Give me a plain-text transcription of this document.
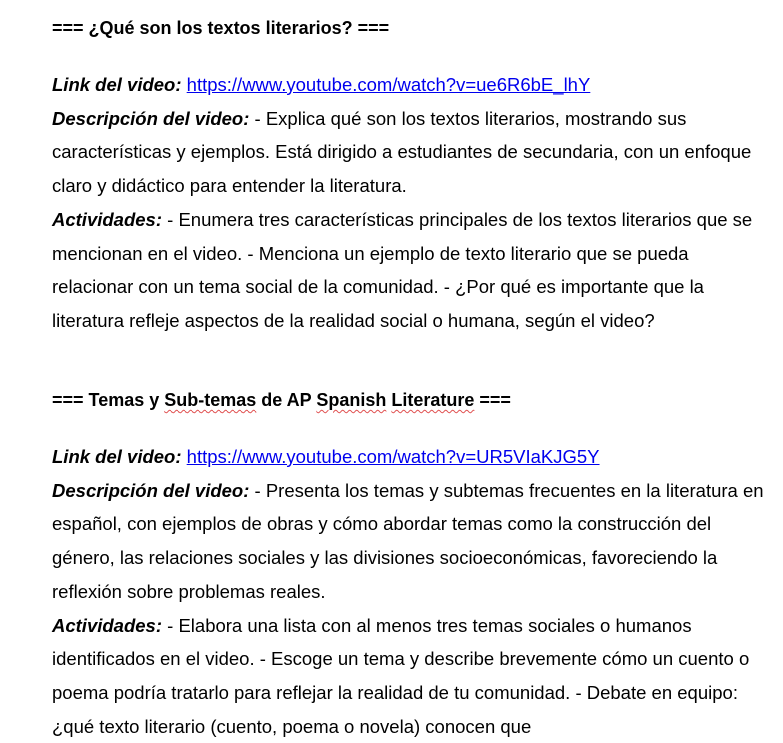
=== ¿Qué son los textos literarios? ===

Link del video: https://www.youtube.com/watch?v=ue6R6bE_lhY

Descripción del video: - Explica qué son los textos literarios, mostrando sus características y ejemplos. Está dirigido a estudiantes de secundaria, con un enfoque claro y didáctico para entender la literatura.

Actividades: - Enumera tres características principales de los textos literarios que se mencionan en el video. - Menciona un ejemplo de texto literario que se pueda relacionar con un tema social de la comunidad. - ¿Por qué es importante que la literatura refleje aspectos de la realidad social o humana, según el video?

=== Temas y Sub-temas de AP Spanish Literature ===

Link del video: https://www.youtube.com/watch?v=UR5VIaKJG5Y

Descripción del video: - Presenta los temas y subtemas frecuentes en la literatura en español, con ejemplos de obras y cómo abordar temas como la construcción del género, las relaciones sociales y las divisiones socioeconómicas, favoreciendo la reflexión sobre problemas reales.

Actividades: - Elabora una lista con al menos tres temas sociales o humanos identificados en el video. - Escoge un tema y describe brevemente cómo un cuento o poema podría tratarlo para reflejar la realidad de tu comunidad. - Debate en equipo: ¿qué texto literario (cuento, poema o novela) conocen que
